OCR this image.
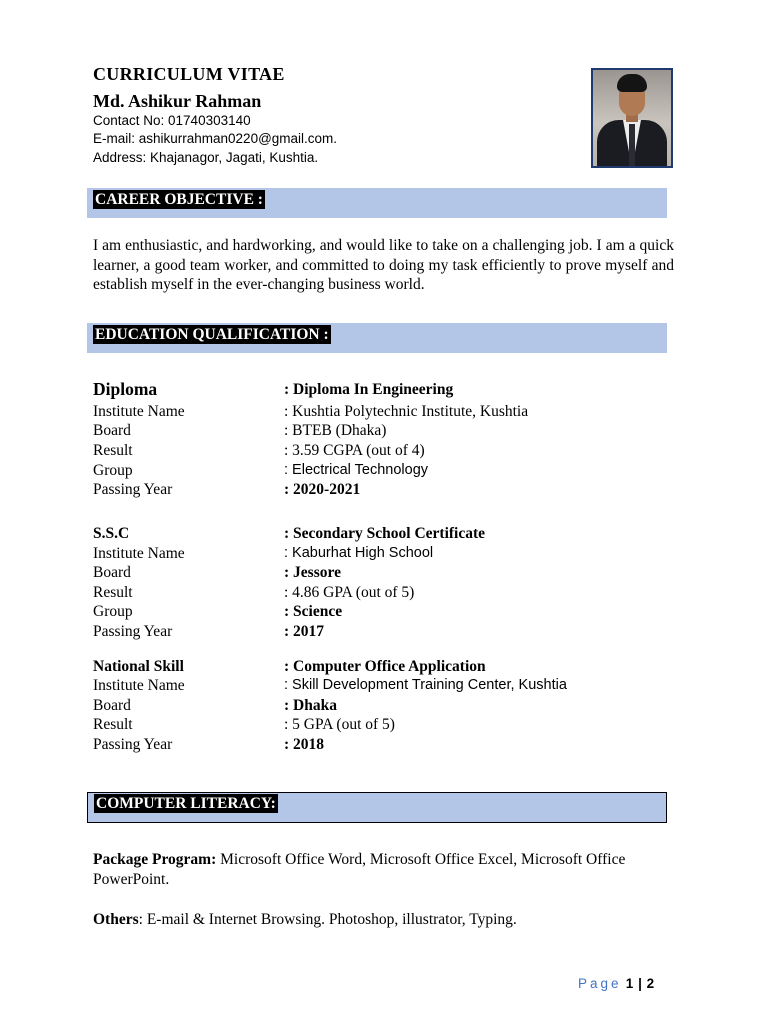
CURRICULUM VITAE
Md. Ashikur Rahman
Contact No: 01740303140
E-mail: ashikurrahman0220@gmail.com.
Address: Khajanagor, Jagati, Kushtia.
CAREER OBJECTIVE :
I am enthusiastic, and hardworking, and would like to take on a challenging job. I am a quick learner, a good team worker, and committed to doing my task efficiently to prove myself and establish myself in the ever-changing business world.
EDUCATION QUALIFICATION :
Diploma	: Diploma In Engineering
Institute Name	: Kushtia Polytechnic Institute, Kushtia
Board	: BTEB (Dhaka)
Result	: 3.59 CGPA (out of 4)
Group	: Electrical Technology
Passing Year	: 2020-2021
S.S.C	: Secondary School Certificate
Institute Name	: Kaburhat High School
Board	: Jessore
Result	: 4.86 GPA (out of 5)
Group	: Science
Passing Year	: 2017
National Skill	: Computer Office Application
Institute Name	: Skill Development Training Center, Kushtia
Board	: Dhaka
Result	: 5 GPA (out of 5)
Passing Year	: 2018
COMPUTER LITERACY:
Package Program: Microsoft Office Word, Microsoft Office Excel, Microsoft Office PowerPoint.
Others: E-mail & Internet Browsing. Photoshop, illustrator, Typing.
Page 1 | 2
